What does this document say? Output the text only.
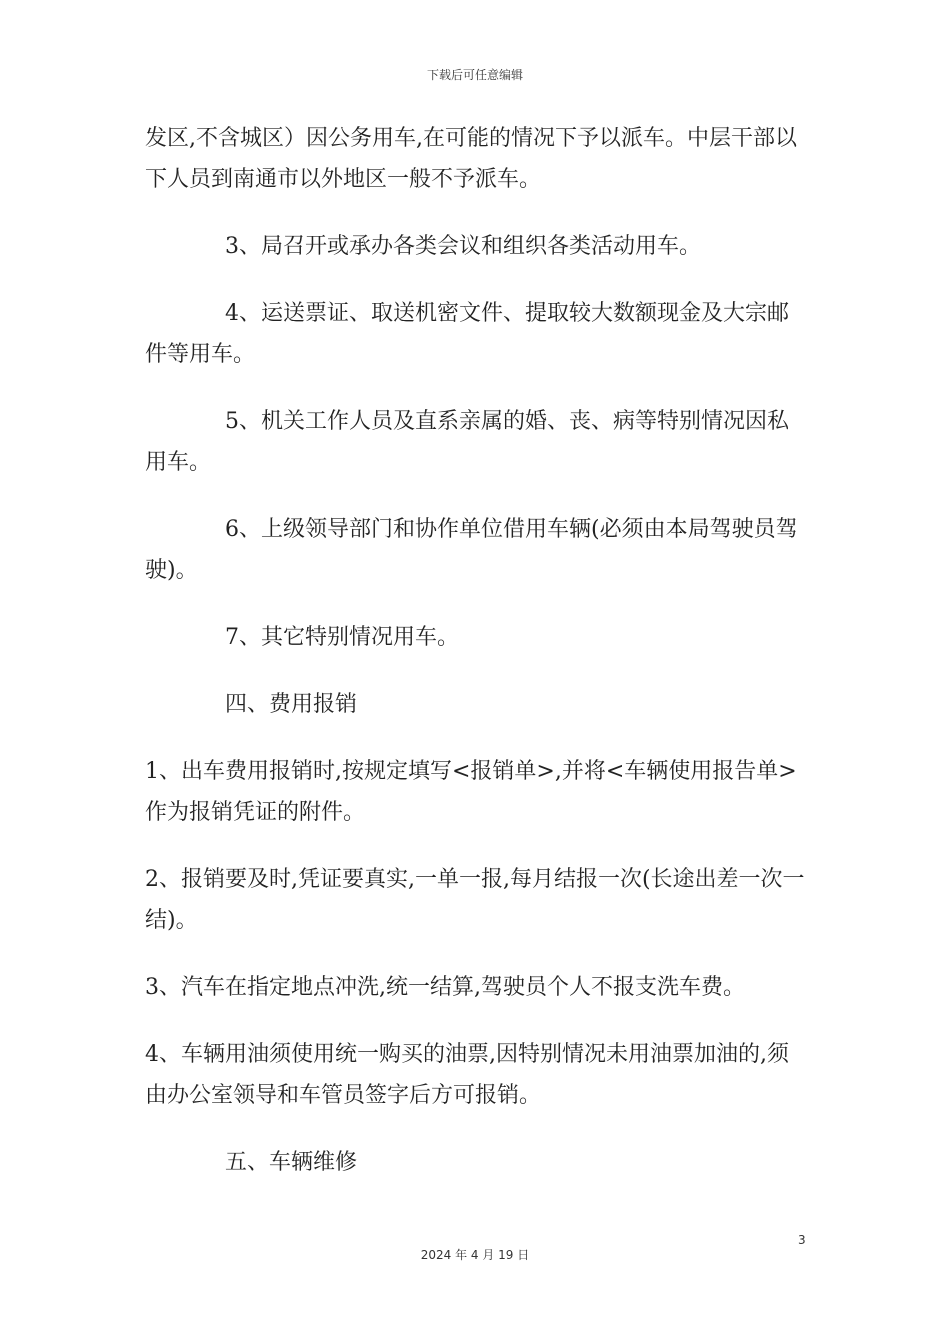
下载后可任意编辑

发区,不含城区）因公务用车,在可能的情况下予以派车。中层干部以下人员到南通市以外地区一般不予派车。

3、局召开或承办各类会议和组织各类活动用车。

4、运送票证、取送机密文件、提取较大数额现金及大宗邮件等用车。

5、机关工作人员及直系亲属的婚、丧、病等特别情况因私用车。

6、上级领导部门和协作单位借用车辆(必须由本局驾驶员驾驶)。

7、其它特别情况用车。

四、费用报销

1、出车费用报销时,按规定填写<报销单>,并将<车辆使用报告单>作为报销凭证的附件。

2、报销要及时,凭证要真实,一单一报,每月结报一次(长途出差一次一结)。

3、汽车在指定地点冲洗,统一结算,驾驶员个人不报支洗车费。

4、车辆用油须使用统一购买的油票,因特别情况未用油票加油的,须由办公室领导和车管员签字后方可报销。

五、车辆维修

3
2024 年 4 月 19 日
